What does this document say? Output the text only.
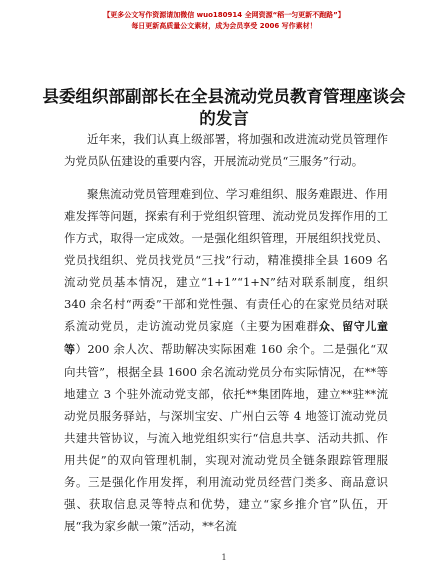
【更多公文写作资源请加微信 wuo180914 全网资源“稻一匀更新不跑路”】
每日更新高质量公文素材，成为会员享受 2006 写作素材！
县委组织部副部长在全县流动党员教育管理座谈会的发言

近年来，我们认真上级部署，将加强和改进流动党员管理作为党员队伍建设的重要内容，开展流动党员“三服务”行动。

聚焦流动党员管理难到位、学习难组织、服务难跟进、作用难发挥等问题，探索有利于党组织管理、流动党员发挥作用的工作方式，取得一定成效。一是强化组织管理，开展组织找党员、党员找组织、党员找党员“三找”行动，精准摸排全县 1609 名流动党员基本情况，建立“1+1”“1+N”结对联系制度，组织 340 余名村“两委”干部和党性强、有责任心的在家党员结对联系流动党员，走访流动党员家庭（主要为困难群众、留守儿童等）200 余人次、帮助解决实际困难 160 余个。二是强化“双向共管”，根据全县 1600 余名流动党员分布实际情况，在**等地建立 3 个驻外流动党支部，依托**集团阵地，建立**驻**流动党员服务驿站，与深圳宝安、广州白云等 4 地签订流动党员共建共管协议，与流入地党组织实行“信息共享、活动共抓、作用共促”的双向管理机制，实现对流动党员全链条跟踪管理服务。三是强化作用发挥，利用流动党员经营门类多、商品意识强、获取信息灵等特点和优势，建立“家乡推介官”队伍，开展“我为家乡献一策”活动，**名流

1
